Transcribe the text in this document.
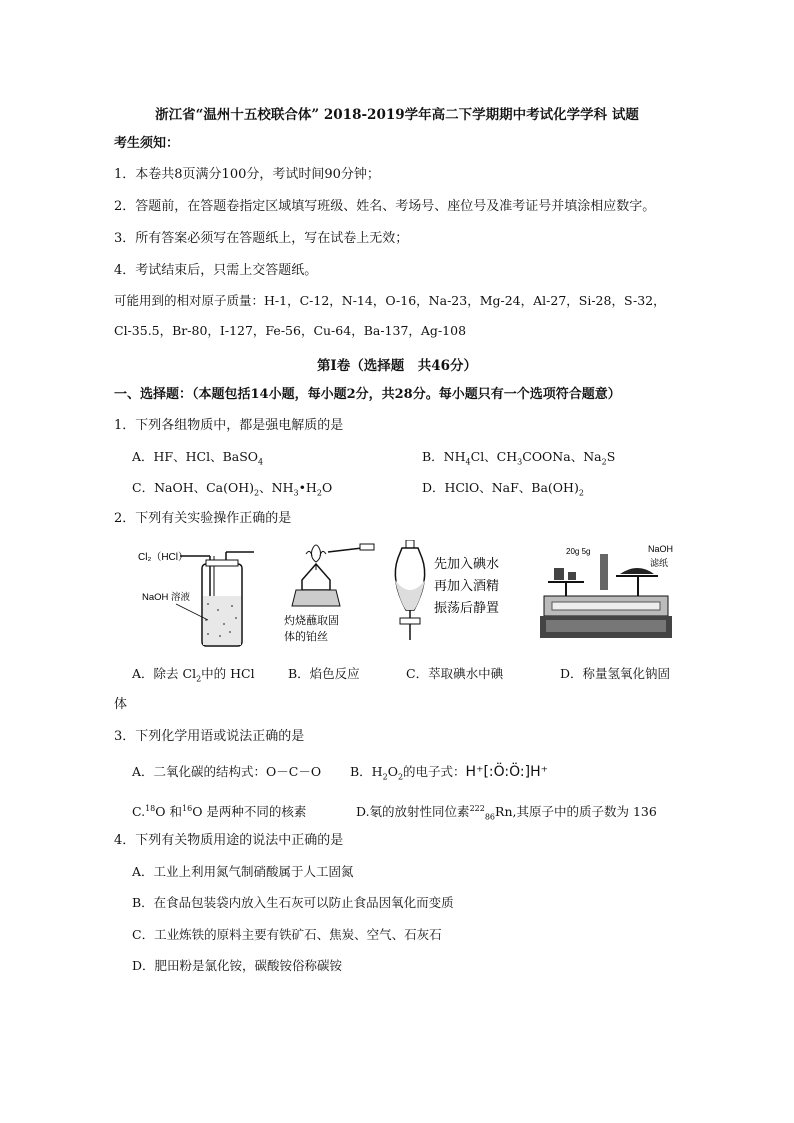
浙江省“温州十五校联合体” 2018-2019学年高二下学期期中考试化学学科 试题
考生须知：
1．本卷共8页满分100分，考试时间90分钟；
2．答题前，在答题卷指定区域填写班级、姓名、考场号、座位号及准考证号并填涂相应数字。
3．所有答案必须写在答题纸上，写在试卷上无效；
4．考试结束后，只需上交答题纸。
可能用到的相对原子质量：H-1，C-12，N-14，O-16，Na-23，Mg-24，Al-27，Si-28，S-32，
Cl-35.5，Br-80，I-127，Fe-56，Cu-64，Ba-137，Ag-108
第Ⅰ卷（选择题　共46分）
一、选择题：（本题包括14小题，每小题2分，共28分。每小题只有一个选项符合题意）
1．下列各组物质中，都是强电解质的是
A．HF、HCl、BaSO$_4$	B．$NH_4Cl$、$CH_3COONa$、$Na_2S$
C．NaOH、$Ca(OH)_2$、$NH_3•H_2O$	D．HClO、NaF、$Ba(OH)_2$
2．下列有关实验操作正确的是
Cl₂（HCl）
NaOH 溶液
灼烧蘸取固
体的铂丝
先加入碘水
再加入酒精
振荡后静置
20g 5g	NaOH
滤纸
A．除去 $Cl_2$中的 HCl	B．焰色反应	C．萃取碘水中碘	D．称量氢氧化钠固
体
3．下列化学用语或说法正确的是
A．二氧化碳的结构式：O－C－O B．$H_2O_2$的电子式：H⁺[:Ö:Ö:]H⁺
C.$^{18}$O 和$^{16}$O 是两种不同的核素	D.氡的放射性同位素$^{222}_{86}$Rn,其原子中的质子数为 136
4．下列有关物质用途的说法中正确的是
A．工业上利用氮气制硝酸属于人工固氮
B．在食品包装袋内放入生石灰可以防止食品因氧化而变质
C．工业炼铁的原料主要有铁矿石、焦炭、空气、石灰石
D．肥田粉是氯化铵，碳酸铵俗称碳铵
